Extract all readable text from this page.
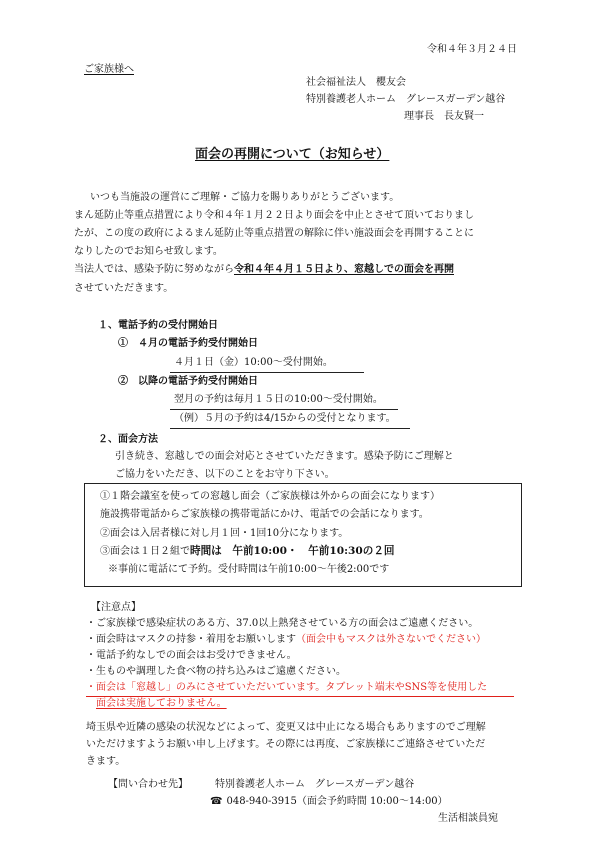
令和４年３月２４日
ご家族様へ
社会福祉法人　櫻友会
特別養護老人ホーム　グレースガーデン越谷
理事長　長友賢一
面会の再開について（お知らせ）
いつも当施設の運営にご理解・ご協力を賜りありがとうございます。
まん延防止等重点措置により令和４年１月２２日より面会を中止とさせて頂いておりまし
たが、この度の政府によるまん延防止等重点措置の解除に伴い施設面会を再開することに
なりしたのでお知らせ致します。
当法人では、感染予防に努めながら令和４年４月１５日より、窓越しでの面会を再開
させていただきます。
１、電話予約の受付開始日
①　４月の電話予約受付開始日
４月１日（金）10:00～受付開始。
②　以降の電話予約受付開始日
翌月の予約は毎月１５日の10:00～受付開始。
（例）５月の予約は4/15からの受付となります。
２、面会方法
引き続き、窓越しでの面会対応とさせていただきます。感染予防にご理解と
ご協力をいただき、以下のことをお守り下さい。
①１階会議室を使っての窓越し面会（ご家族様は外からの面会になります）
施設携帯電話からご家族様の携帯電話にかけ、電話での会話になります。
②面会は入居者様に対し月１回・1回10分になります。
③面会は１日２組で時間は　午前10:00・　午前10:30の２回
※事前に電話にて予約。受付時間は午前10:00～午後2:00です
【注意点】
・ご家族様で感染症状のある方、37.0以上熱発させている方の面会はご遠慮ください。
・面会時はマスクの持参・着用をお願いします（面会中もマスクは外さないでください）
・電話予約なしでの面会はお受けできません。
・生ものや調理した食べ物の持ち込みはご遠慮ください。
・面会は「窓越し」のみにさせていただいています。タブレット端末やSNS等を使用した
面会は実施しておりません。
埼玉県や近隣の感染の状況などによって、変更又は中止になる場合もありますのでご理解
いただけますようお願い申し上げます。その際には再度、ご家族様にご連絡させていただ
きます。
【問い合わせ先】	特別養護老人ホーム　グレースガーデン越谷
☎ 048-940-3915（面会予約時間 10:00～14:00）
生活相談員宛
